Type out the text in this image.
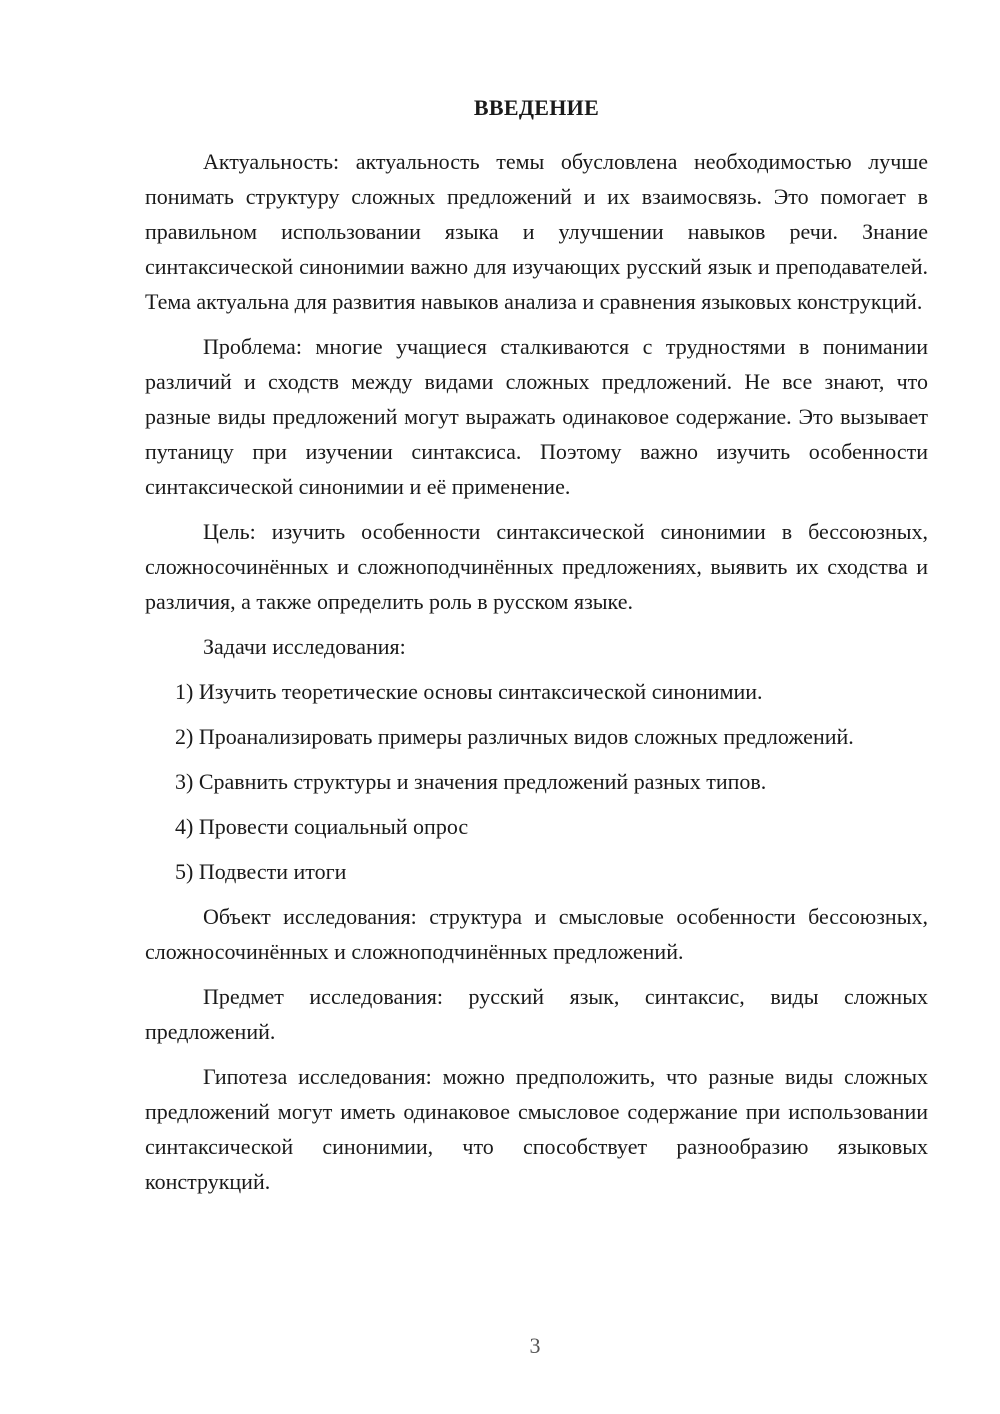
ВВЕДЕНИЕ

Актуальность: актуальность темы обусловлена необходимостью лучше понимать структуру сложных предложений и их взаимосвязь. Это помогает в правильном использовании языка и улучшении навыков речи. Знание синтаксической синонимии важно для изучающих русский язык и преподавателей. Тема актуальна для развития навыков анализа и сравнения языковых конструкций.

Проблема: многие учащиеся сталкиваются с трудностями в понимании различий и сходств между видами сложных предложений. Не все знают, что разные виды предложений могут выражать одинаковое содержание. Это вызывает путаницу при изучении синтаксиса. Поэтому важно изучить особенности синтаксической синонимии и её применение.

Цель: изучить особенности синтаксической синонимии в бессоюзных, сложносочинённых и сложноподчинённых предложениях, выявить их сходства и различия, а также определить роль в русском языке.

Задачи исследования:

1) Изучить теоретические основы синтаксической синонимии.

2) Проанализировать примеры различных видов сложных предложений.

3) Сравнить структуры и значения предложений разных типов.

4) Провести социальный опрос

5) Подвести итоги

Объект исследования: структура и смысловые особенности бессоюзных, сложносочинённых и сложноподчинённых предложений.

Предмет исследования: русский язык, синтаксис, виды сложных предложений.

Гипотеза исследования: можно предположить, что разные виды сложных предложений могут иметь одинаковое смысловое содержание при использовании синтаксической синонимии, что способствует разнообразию языковых конструкций.

3
